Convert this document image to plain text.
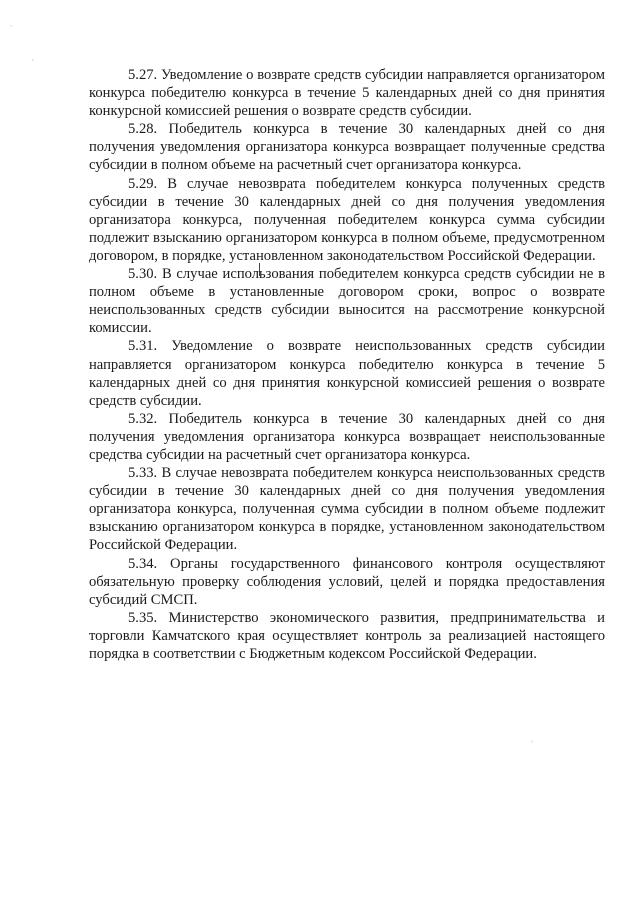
ˎ
ˌ
ˈ

5.27. Уведомление о возврате средств субсидии направляется организатором конкурса победителю конкурса в течение 5 календарных дней со дня принятия конкурсной комиссией решения о возврате средств субсидии.

5.28. Победитель конкурса в течение 30 календарных дней со дня получения уведомления организатора конкурса возвращает полученные средства субсидии в полном объеме на расчетный счет организатора конкурса.

5.29. В случае невозврата победителем конкурса полученных средств субсидии в течение 30 календарных дней со дня получения уведомления организатора конкурса, полученная победителем конкурса сумма субсидии подлежит взысканию организатором конкурса в полном объеме, предусмотренном договором, в порядке, установленном законодательством Российской Федерации.

5.30. В случае использования победителем конкурса средств субсидии не в полном объеме в установленные договором сроки, вопрос о возврате неиспользованных средств субсидии выносится на рассмотрение конкурсной комиссии.

5.31. Уведомление о возврате неиспользованных средств субсидии направляется организатором конкурса победителю конкурса в течение 5 календарных дней со дня принятия конкурсной комиссией решения о возврате средств субсидии.

5.32. Победитель конкурса в течение 30 календарных дней со дня получения уведомления организатора конкурса возвращает неиспользованные средства субсидии на расчетный счет организатора конкурса.

5.33. В случае невозврата победителем конкурса неиспользованных средств субсидии в течение 30 календарных дней со дня получения уведомления организатора конкурса, полученная сумма субсидии в полном объеме подлежит взысканию организатором конкурса в порядке, установленном законодательством Российской Федерации.

5.34. Органы государственного финансового контроля осуществляют обязательную проверку соблюдения условий, целей и порядка предоставления субсидий СМСП.

5.35. Министерство экономического развития, предпринимательства и торговли Камчатского края осуществляет контроль за реализацией настоящего порядка в соответствии с Бюджетным кодексом Российской Федерации.
